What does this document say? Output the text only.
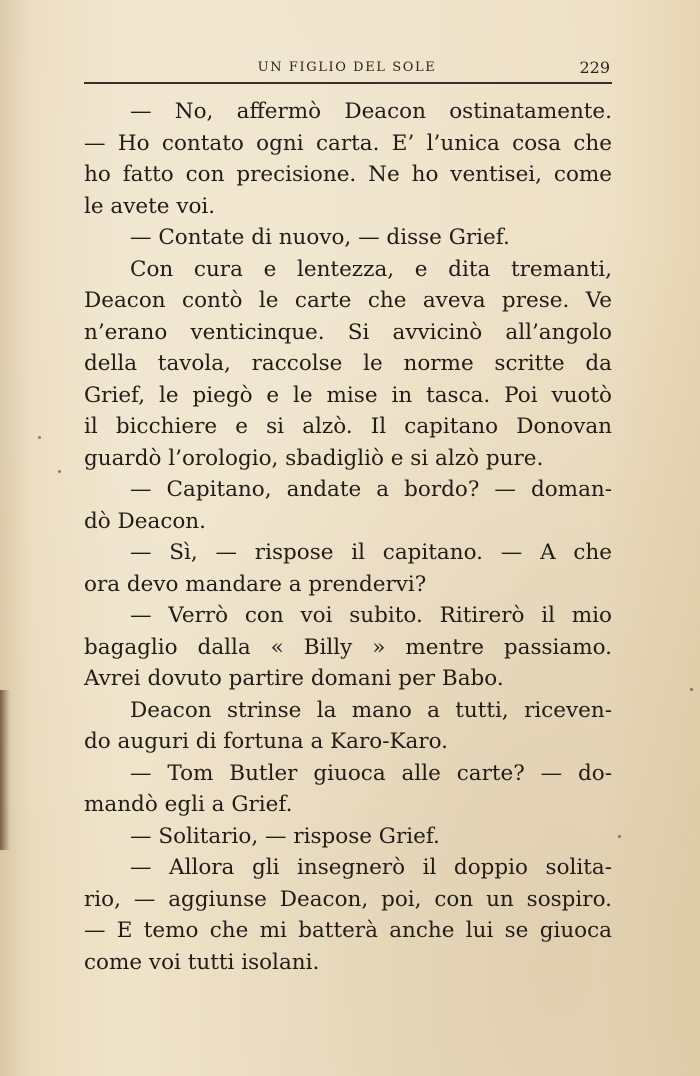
UN FIGLIO DEL SOLE	229
— No, affermò Deacon ostinatamente.
— Ho contato ogni carta. E’ l’unica cosa che
ho fatto con precisione. Ne ho ventisei, come
le avete voi.
— Contate di nuovo, — disse Grief.
Con cura e lentezza, e dita tremanti,
Deacon contò le carte che aveva prese. Ve
n’erano venticinque. Si avvicinò all’angolo
della tavola, raccolse le norme scritte da
Grief, le piegò e le mise in tasca. Poi vuotò
il bicchiere e si alzò. Il capitano Donovan
guardò l’orologio, sbadigliò e si alzò pure.
— Capitano, andate a bordo? — doman-
dò Deacon.
— Sì, — rispose il capitano. — A che
ora devo mandare a prendervi?
— Verrò con voi subito. Ritirerò il mio
bagaglio dalla « Billy » mentre passiamo.
Avrei dovuto partire domani per Babo.
Deacon strinse la mano a tutti, riceven-
do auguri di fortuna a Karo-Karo.
— Tom Butler giuoca alle carte? — do-
mandò egli a Grief.
— Solitario, — rispose Grief.
— Allora gli insegnerò il doppio solita-
rio, — aggiunse Deacon, poi, con un sospiro.
— E temo che mi batterà anche lui se giuoca
come voi tutti isolani.
